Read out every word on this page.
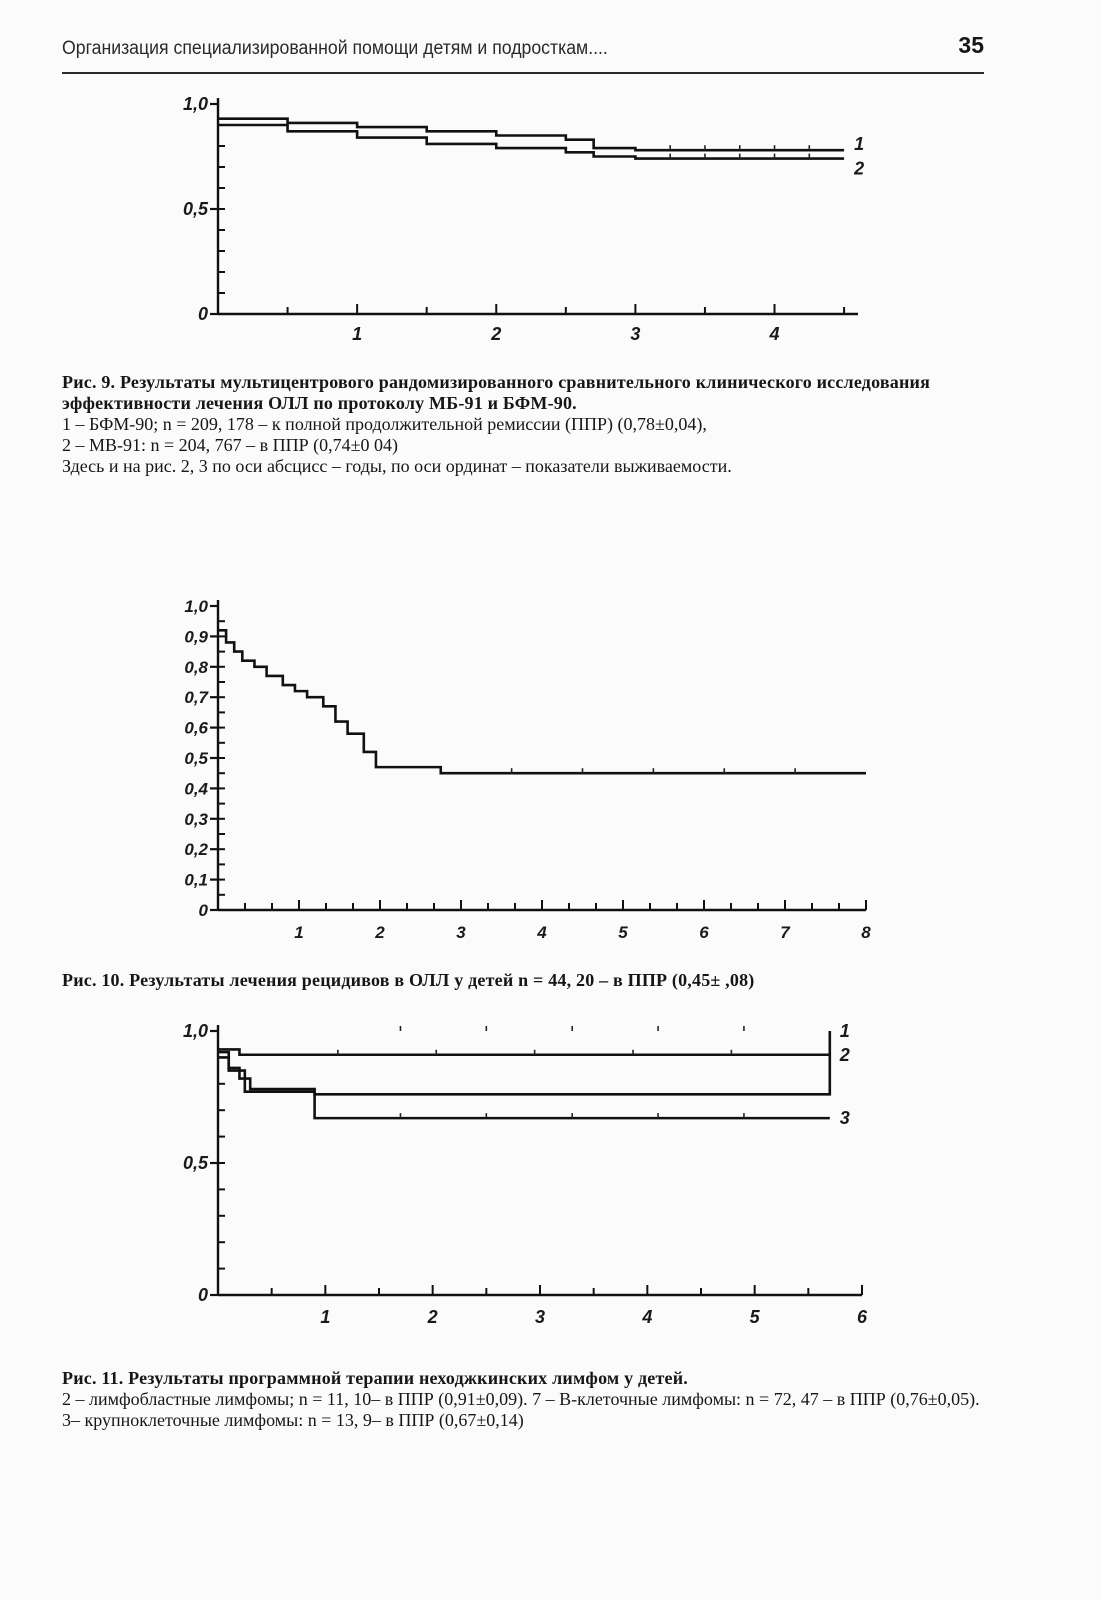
Организация специализированной помощи детям и подросткам....	35
0
0,5
1,0
1	2	3	4
1
2

Рис. 9. Результаты мультицентрового рандомизированного сравнительного клинического исследования эффективности лечения ОЛЛ по протоколу МБ-91 и БФМ-90.

1 – БФМ-90; n = 209, 178 – к полной продолжительной ремиссии (ППР) (0,78±0,04),

2 – МВ-91: n = 204, 767 – в ППР (0,74±0 04)

Здесь и на рис. 2, 3 по оси абсцисс – годы, по оси ординат – показатели выживаемости.

0
0,1
0,2
0,3
0,4
0,5
0,6
0,7
0,8
0,9
1,0
1	2	3	4	5	6	7	8

Рис. 10. Результаты лечения рецидивов в ОЛЛ у детей n = 44, 20 – в ППР (0,45± ,08)

0
0,5
1,0
1	2	3	4	5	6
2
1
3

Рис. 11. Результаты программной терапии неходжкинских лимфом у детей.

2 – лимфобластные лимфомы; n = 11, 10– в ППР (0,91±0,09). 7 – В-клеточные лимфомы: n = 72, 47 – в ППР (0,76±0,05). 3– крупноклеточные лимфомы: n = 13, 9– в ППР (0,67±0,14)
